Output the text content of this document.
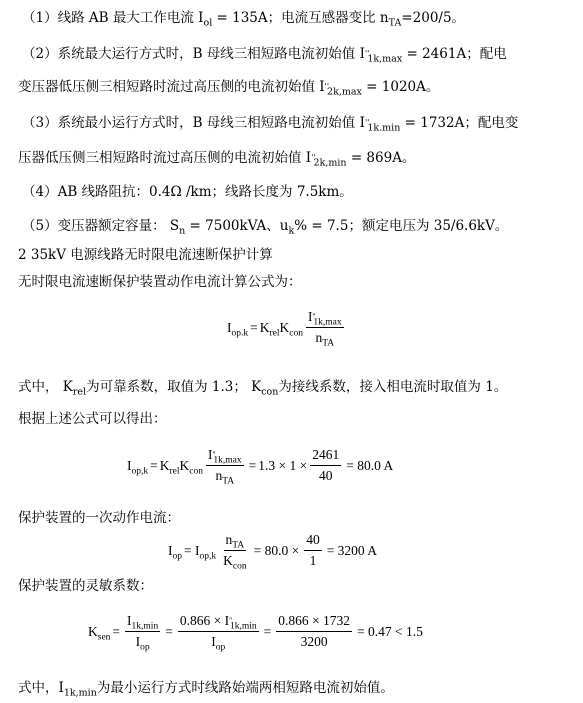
（1）线路 AB 最大工作电流 $I_{ol} = 135A$；电流互感器变比 $n_{TA}=200/5$。
（2）系统最大运行方式时，B 母线三相短路电流初始值 $I''_{1k,max} = 2461A$；配电
变压器低压侧三相短路时流过高压侧的电流初始值 $I''_{2k,max} = 1020A$。
（3）系统最小运行方式时，B 母线三相短路电流初始值 $I''_{1k.min} = 1732A$；配电变
压器低压侧三相短路时流过高压侧的电流初始值 $I''_{2k,min} = 869A$。
（4）AB 线路阻抗：0.4Ω /km；线路长度为 7.5km。
（5）变压器额定容量： $S_n = 7500kVA$、$u_k\% = 7.5$；额定电压为 35/6.6kV。
2 35kV 电源线路无时限电流速断保护计算
无时限电流速断保护装置动作电流计算公式为：
$I_{op.k} = K_{rel}K_{con} \frac{I''_{1k,max}}{n_{TA}}$
式中， $K_{rel}$为可靠系数，取值为 1.3； $K_{con}$为接线系数，接入相电流时取值为 1。
根据上述公式可以得出：
$I_{op,k} = K_{rel}K_{con} \frac{I''_{1k,max}}{n_{TA}} = 1.3 \times 1 \times \frac{2461}{40} = 80.0$ A
保护装置的一次动作电流：
$I_{op} = I_{op,k} \frac{n_{TA}}{K_{con}} = 80.0 \times \frac{40}{1} = 3200$ A
保护装置的灵敏系数：
$K_{sen} = \frac{I_{1k,min}}{I_{op}} = \frac{0.866 \times I''_{1k,min}}{I_{op}} = \frac{0.866 \times 1732}{3200} = 0.47 < 1.5$
式中，$I_{1k,min}$为最小运行方式时线路始端两相短路电流初始值。
